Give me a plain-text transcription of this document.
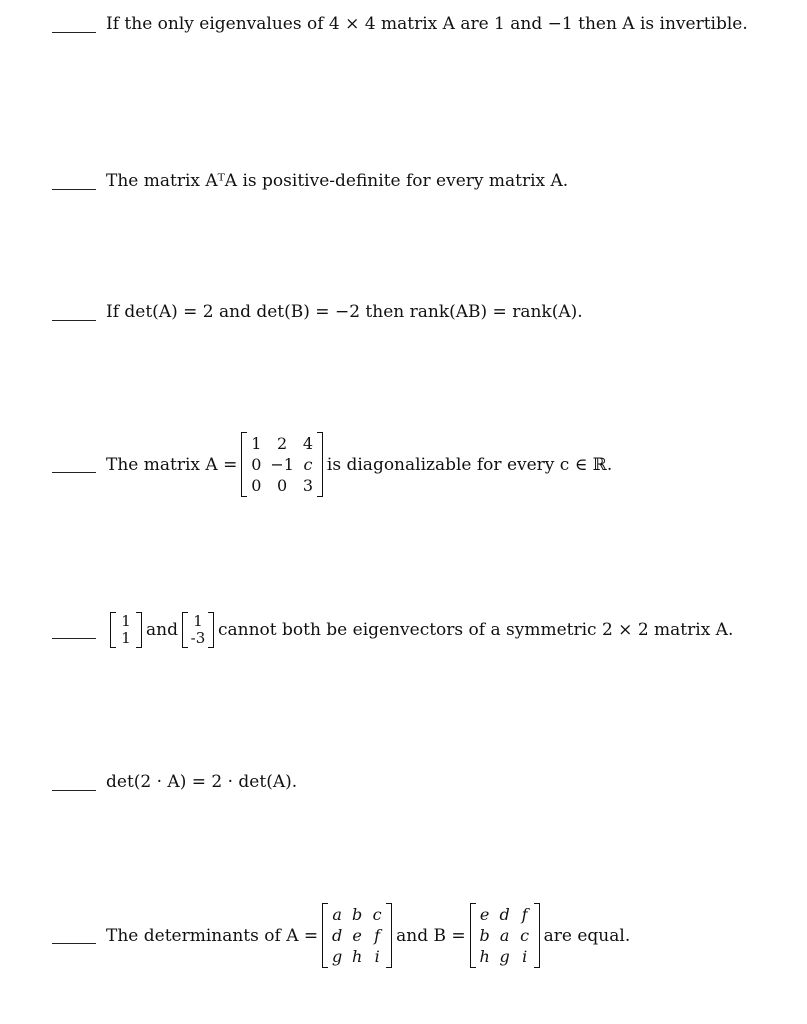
If the only eigenvalues of 4 × 4 matrix A are 1 and −1 then A is invertible.
The matrix AᵀA is positive-definite for every matrix A.
If det(A) = 2 and det(B) = −2 then rank(AB) = rank(A).
The matrix A =
1 2 4
0 −1 c
0 0 3
is diagonalizable for every c ∈ ℝ.
1
1 and 1
-3 cannot both be eigenvectors of a symmetric 2 × 2 matrix A.
det(2 · A) = 2 · det(A).
The determinants of A =
a b c
d e f
g h i
and B =
e d f
b a c
h g i
are equal.
